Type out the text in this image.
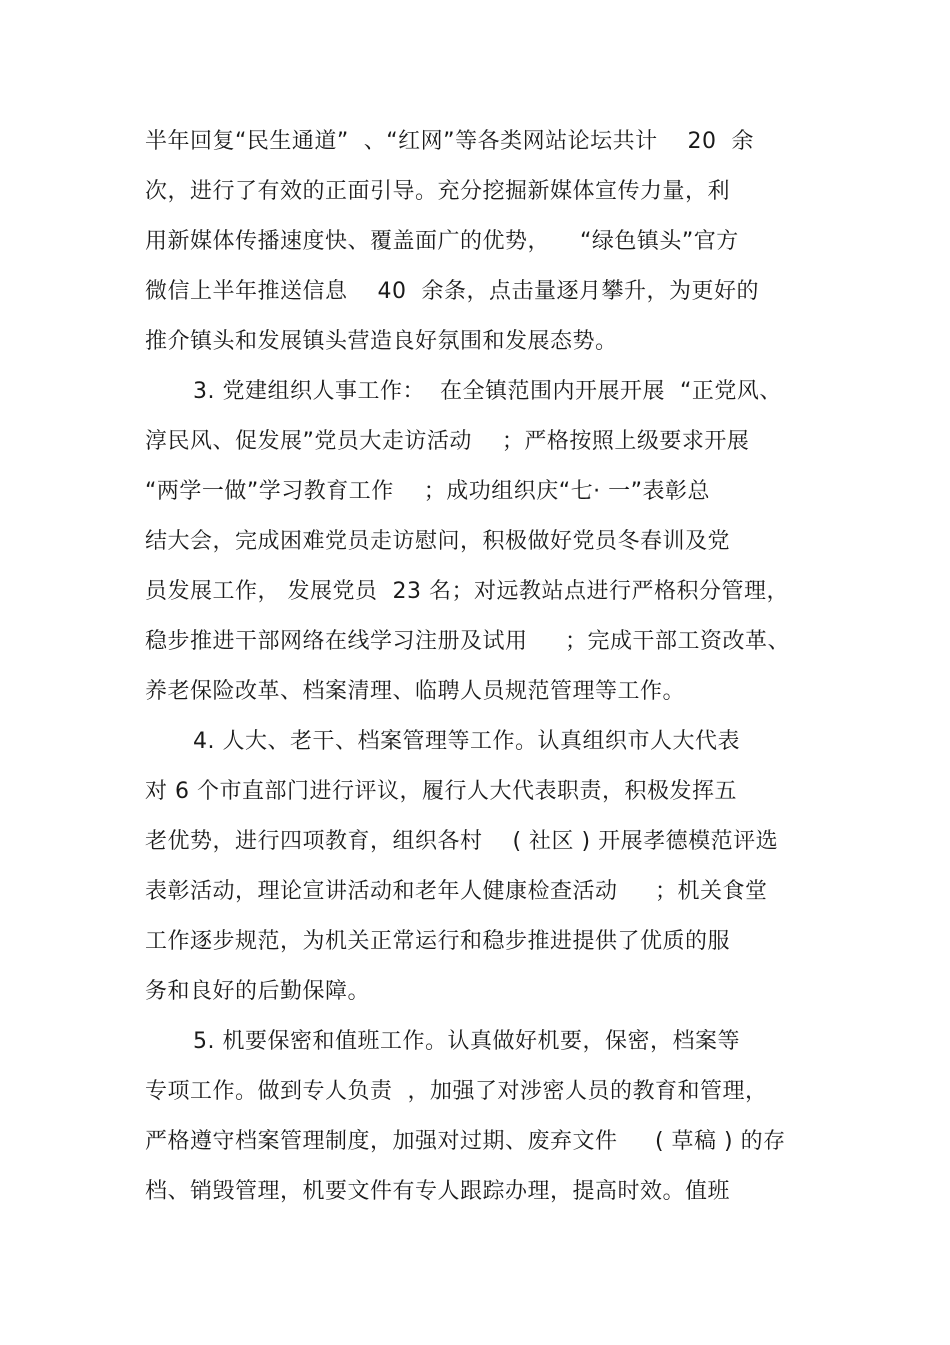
半年回复“民生通道”  、“红网”等各类网站论坛共计    20  余
次，进行了有效的正面引导。充分挖掘新媒体宣传力量，利
用新媒体传播速度快、覆盖面广的优势，    “绿色镇头”官方
微信上半年推送信息    40  余条，点击量逐月攀升，为更好的
推介镇头和发展镇头营造良好氛围和发展态势。
3. 党建组织人事工作：  在全镇范围内开展开展  “正党风、
淳民风、促发展”党员大走访活动    ；严格按照上级要求开展
“两学一做”学习教育工作    ；成功组织庆“七· 一”表彰总
结大会，完成困难党员走访慰问，积极做好党员冬春训及党
员发展工作， 发展党员  23 名；对远教站点进行严格积分管理，
稳步推进干部网络在线学习注册及试用     ；完成干部工资改革、
养老保险改革、档案清理、临聘人员规范管理等工作。
4. 人大、老干、档案管理等工作。认真组织市人大代表
对 6 个市直部门进行评议，履行人大代表职责，积极发挥五
老优势，进行四项教育，组织各村    ( 社区 ) 开展孝德模范评选
表彰活动，理论宣讲活动和老年人健康检查活动     ；机关食堂
工作逐步规范，为机关正常运行和稳步推进提供了优质的服
务和良好的后勤保障。
5. 机要保密和值班工作。认真做好机要，保密，档案等
专项工作。做到专人负责  ，加强了对涉密人员的教育和管理，
严格遵守档案管理制度，加强对过期、废弃文件     ( 草稿 ) 的存
档、销毁管理，机要文件有专人跟踪办理，提高时效。值班
